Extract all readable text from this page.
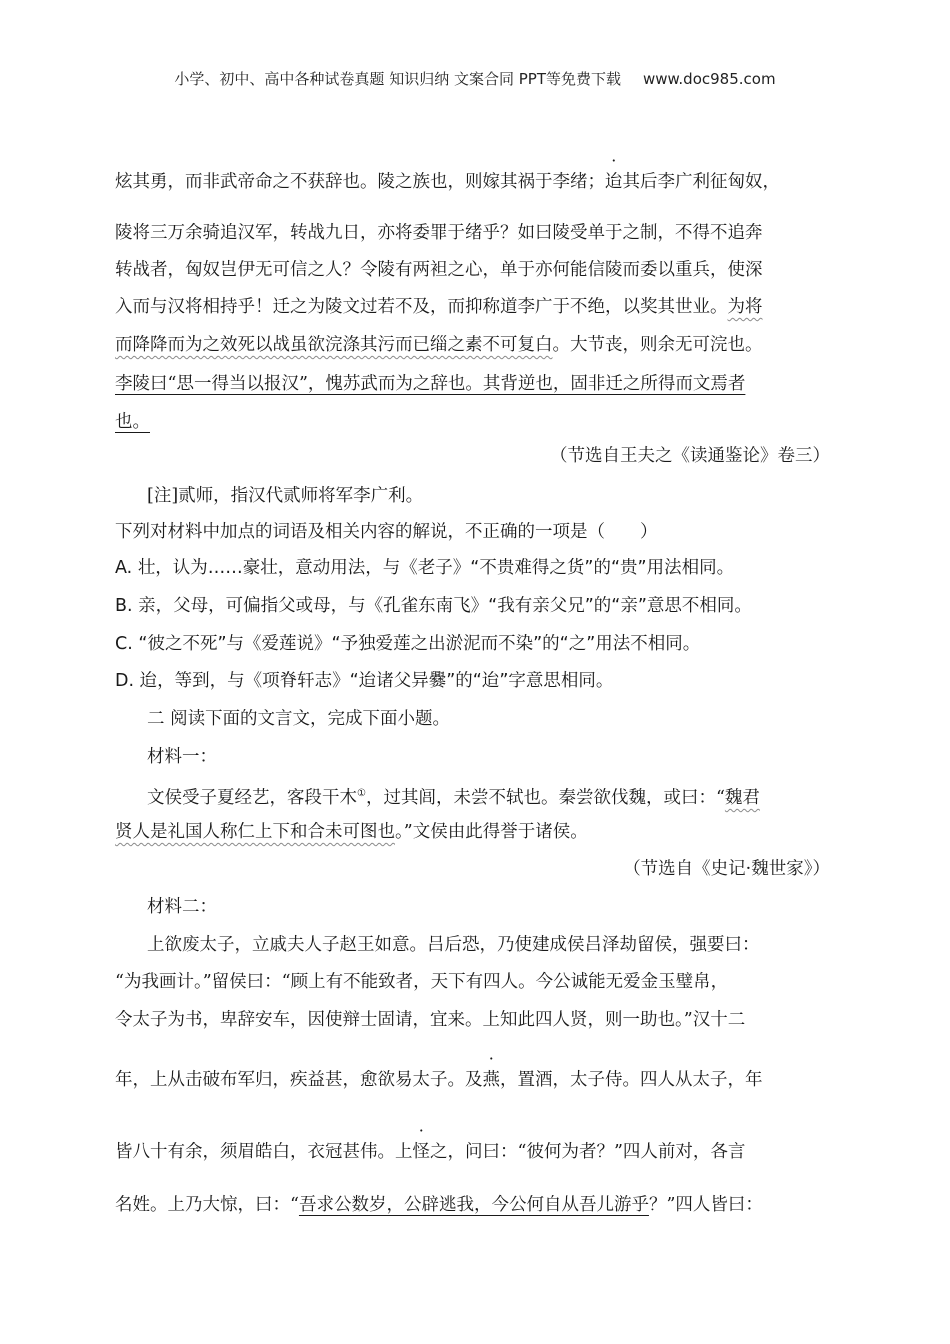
小学、初中、高中各种试卷真题 知识归纳 文案合同 PPT等免费下载 www.doc985.com
炫其勇，而非武帝命之不获辞也。陵之族也，则嫁其祸于李绪；迨其后李广利征匈奴，
陵将三万余骑追汉军，转战九日，亦将委罪于绪乎？如曰陵受单于之制，不得不追奔
转战者，匈奴岂伊无可信之人？令陵有两袒之心，单于亦何能信陵而委以重兵，使深
入而与汉将相持乎！迁之为陵文过若不及，而抑称道李广于不绝，以奖其世业。为将
而降降而为之效死以战虽欲浣涤其污而已缁之素不可复白。大节丧，则余无可浣也。
李陵曰“思一得当以报汉”，愧苏武而为之辞也。其背逆也，固非迁之所得而文焉者
也。
（节选自王夫之《读通鉴论》卷三）
[注]贰师，指汉代贰师将军李广利。
下列对材料中加点的词语及相关内容的解说，不正确的一项是（　　）
A. 壮，认为……豪壮，意动用法，与《老子》“不贵难得之货”的“贵”用法相同。
B. 亲，父母，可偏指父或母，与《孔雀东南飞》“我有亲父兄”的“亲”意思不相同。
C. “彼之不死”与《爱莲说》“予独爱莲之出淤泥而不染”的“之”用法不相同。
D. 迨，等到，与《项脊轩志》“迨诸父异爨”的“迨”字意思相同。
二 阅读下面的文言文，完成下面小题。
材料一：
文侯受子夏经艺，客段干木①，过其闾，未尝不轼也。秦尝欲伐魏，或曰：“魏君
贤人是礼国人称仁上下和合未可图也。”文侯由此得誉于诸侯。
（节选自《史记·魏世家》）
材料二：
上欲废太子，立戚夫人子赵王如意。吕后恐，乃使建成侯吕泽劫留侯，强要曰：
“为我画计。”留侯曰：“顾上有不能致者，天下有四人。今公诚能无爱金玉璧帛，
令太子为书，卑辞安车，因使辩士固请，宜来。上知此四人贤，则一助也。”汉十二
年，上从击破布军归，疾益甚，愈欲易太子。及燕，置酒，太子侍。四人从太子，年
皆八十有余，须眉皓白，衣冠甚伟。上怪之，问曰：“彼何为者？”四人前对，各言
名姓。上乃大惊，曰：“吾求公数岁，公辟逃我，今公何自从吾儿游乎？”四人皆曰：
